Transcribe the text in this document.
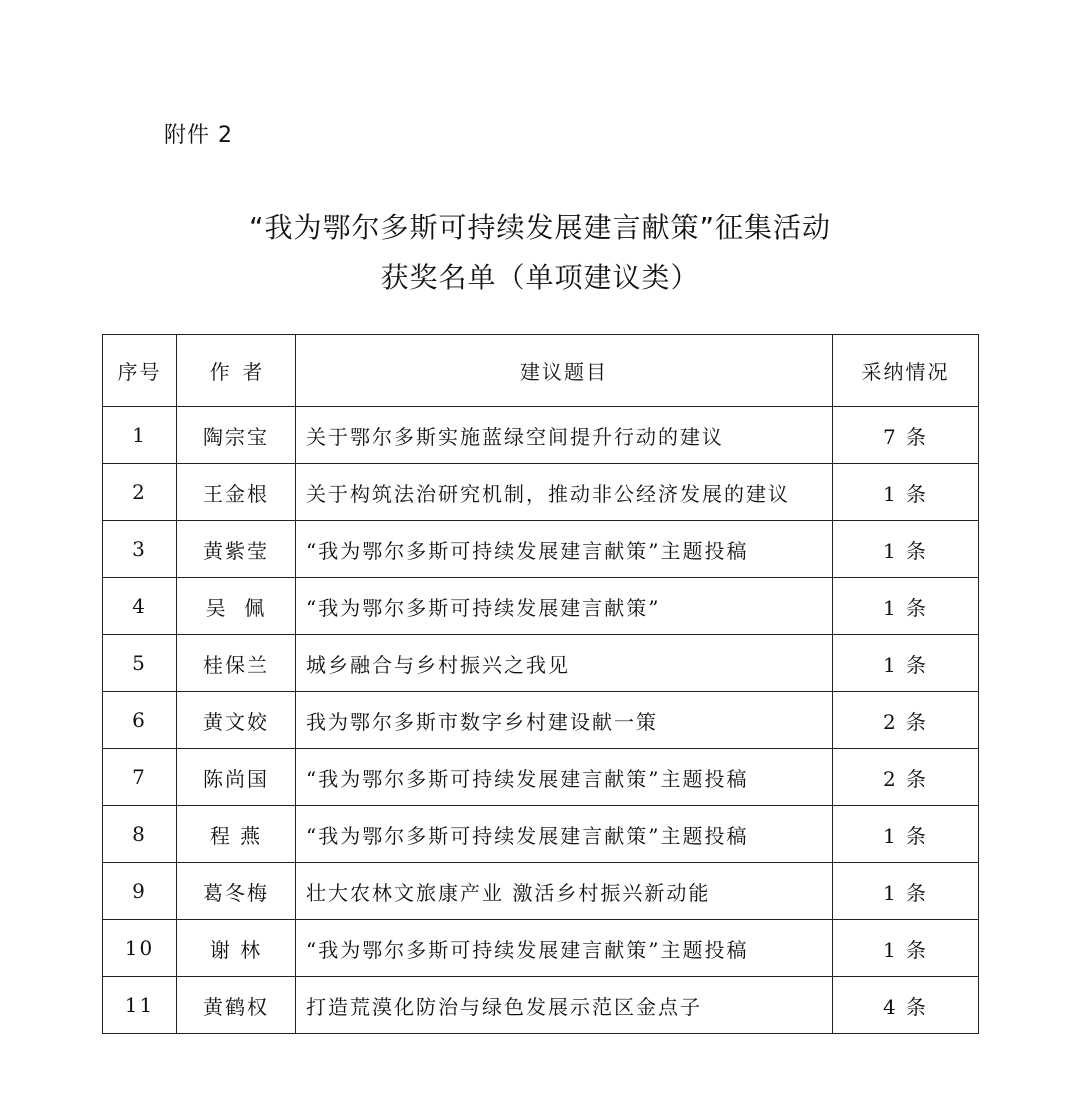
附件 2
“我为鄂尔多斯可持续发展建言献策”征集活动
获奖名单（单项建议类）
序号	作  者	建议题目	采纳情况
1	陶宗宝	关于鄂尔多斯实施蓝绿空间提升行动的建议	7 条
2	王金根	关于构筑法治研究机制，推动非公经济发展的建议	1 条
3	黄紫莹	“我为鄂尔多斯可持续发展建言献策”主题投稿	1 条
4	吴  佩	“我为鄂尔多斯可持续发展建言献策”	1 条
5	桂保兰	城乡融合与乡村振兴之我见	1 条
6	黄文姣	我为鄂尔多斯市数字乡村建设献一策	2 条
7	陈尚国	“我为鄂尔多斯可持续发展建言献策”主题投稿	2 条
8	程 燕	“我为鄂尔多斯可持续发展建言献策”主题投稿	1 条
9	葛冬梅	壮大农林文旅康产业 激活乡村振兴新动能	1 条
10	谢 林	“我为鄂尔多斯可持续发展建言献策”主题投稿	1 条
11	黄鹤权	打造荒漠化防治与绿色发展示范区金点子	4 条
